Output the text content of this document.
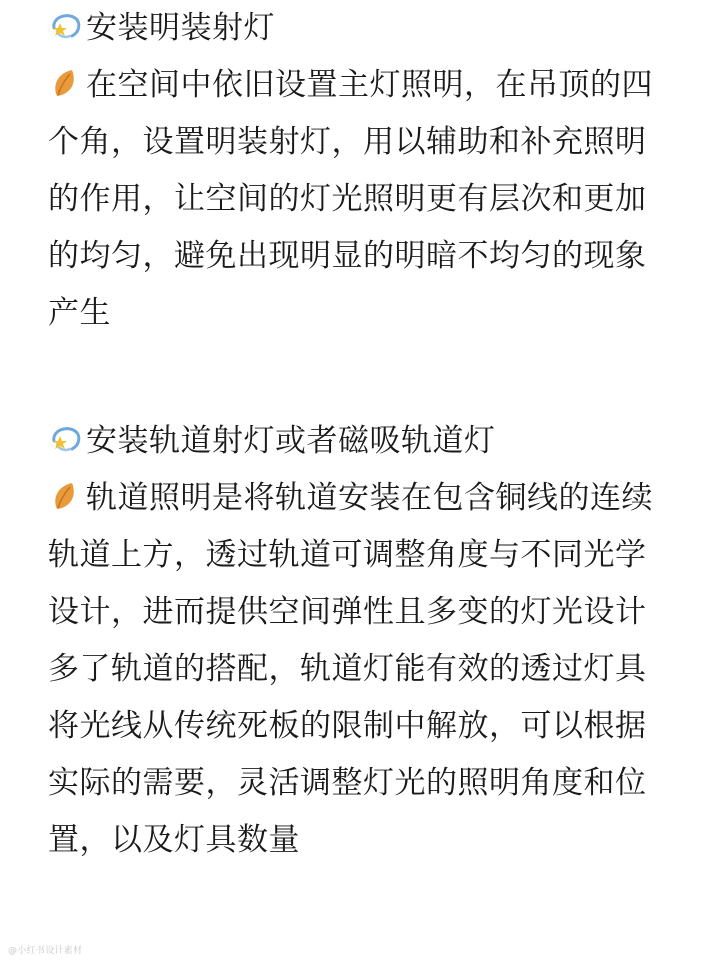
安装明装射灯
在空间中依旧设置主灯照明，在吊顶的四
个角，设置明装射灯，用以辅助和补充照明
的作用，让空间的灯光照明更有层次和更加
的均匀，避免出现明显的明暗不均匀的现象
产生
安装轨道射灯或者磁吸轨道灯
轨道照明是将轨道安装在包含铜线的连续
轨道上方，透过轨道可调整角度与不同光学
设计，进而提供空间弹性且多变的灯光设计
多了轨道的搭配，轨道灯能有效的透过灯具
将光线从传统死板的限制中解放，可以根据
实际的需要，灵活调整灯光的照明角度和位
置，以及灯具数量
@小红书设计素材
